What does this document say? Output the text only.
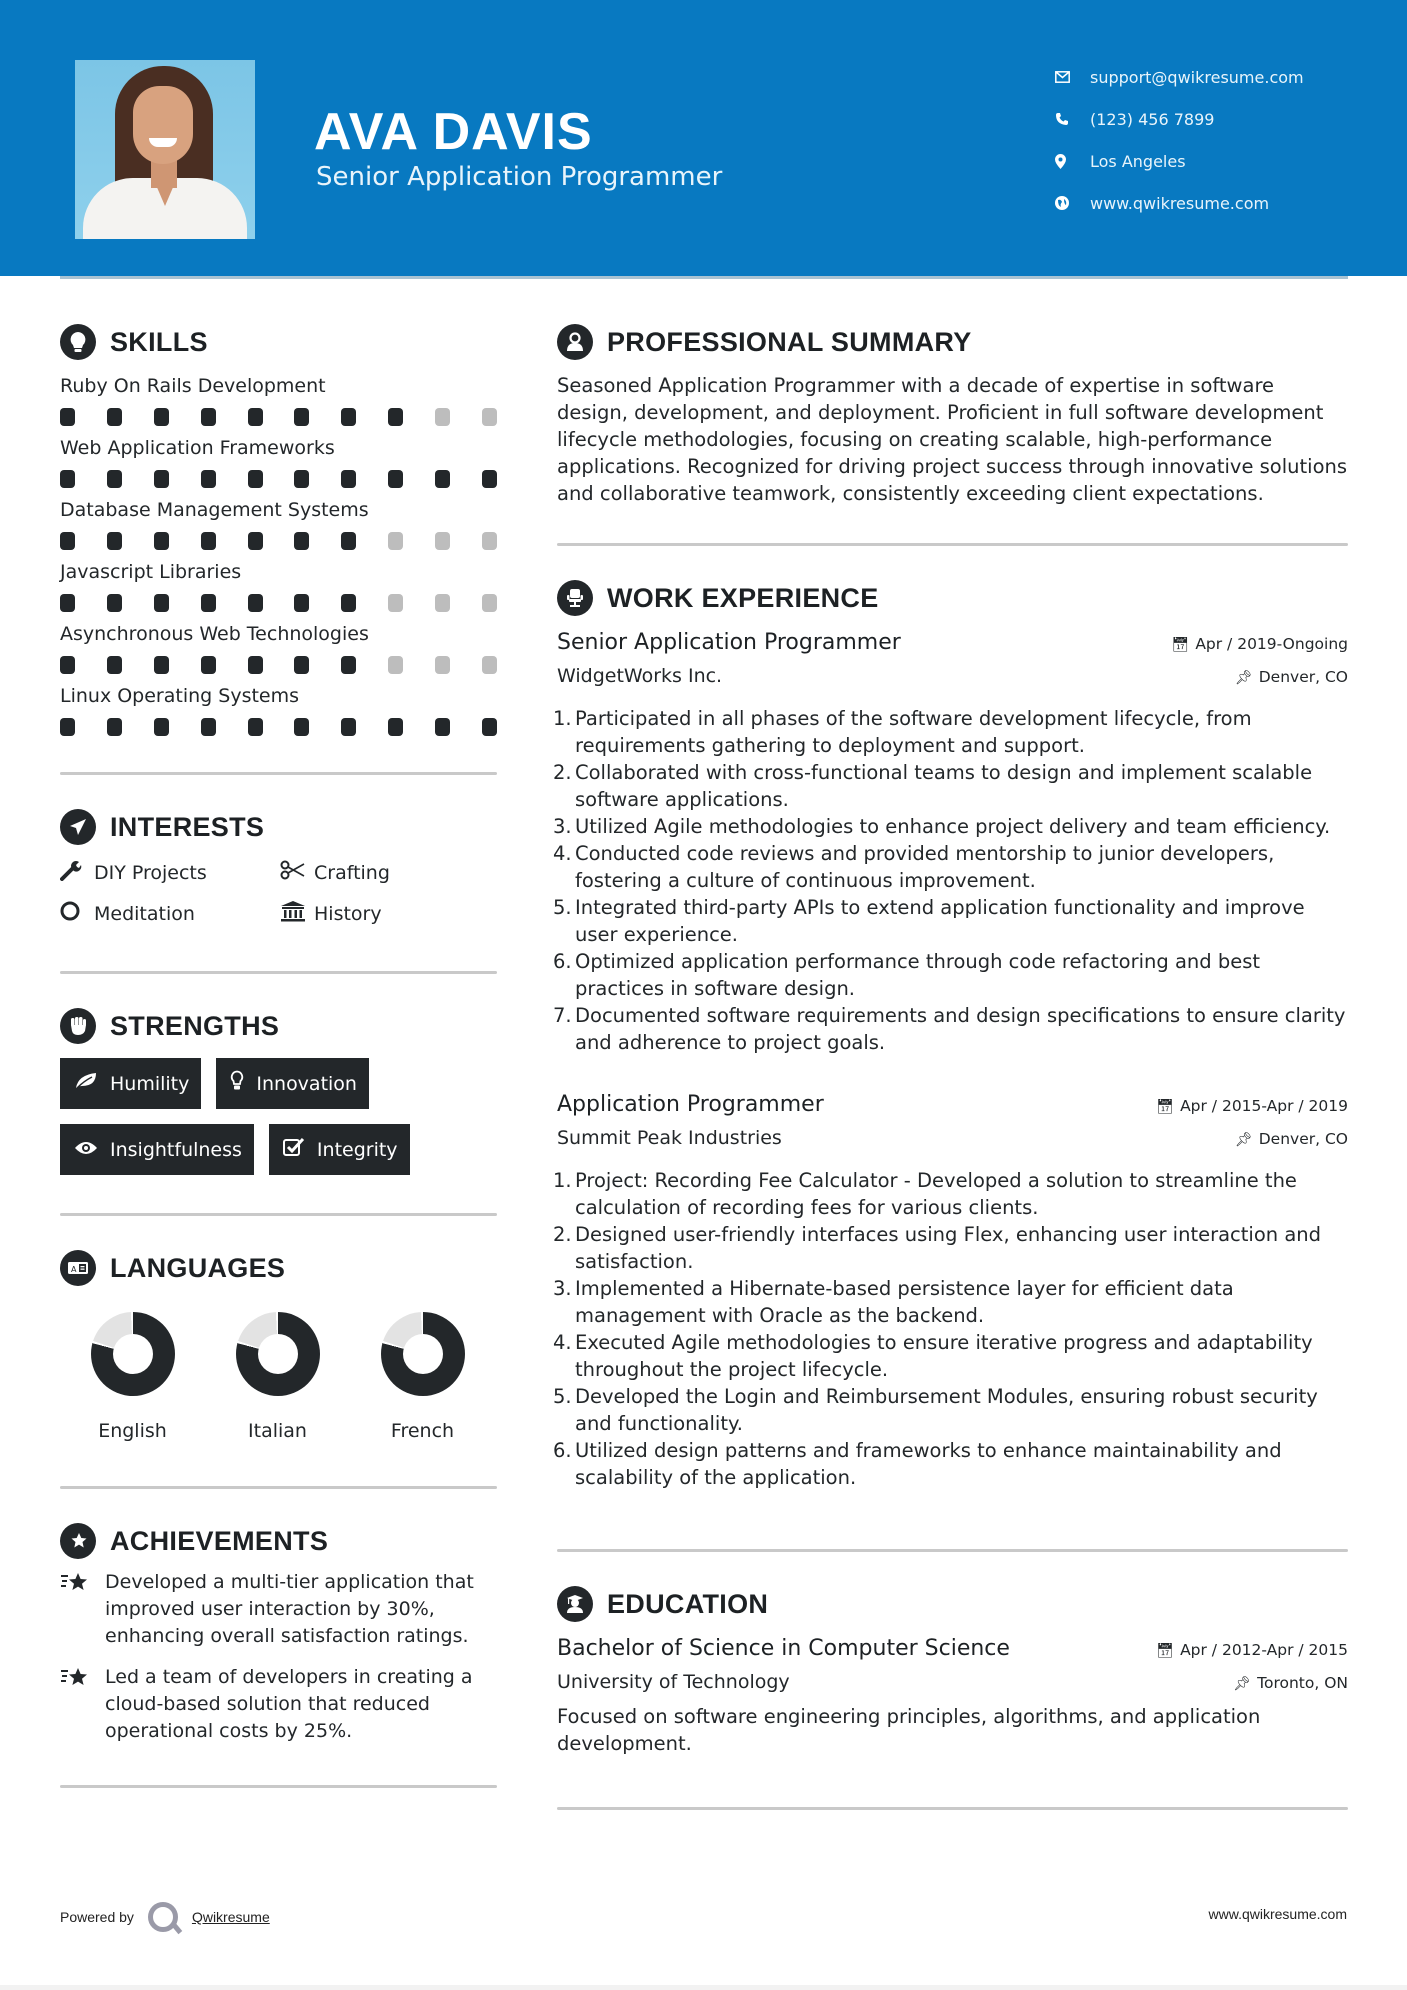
AVA DAVIS
Senior Application Programmer
support@qwikresume.com
(123) 456 7899
Los Angeles
www.qwikresume.com
SKILLS
Ruby On Rails Development
Web Application Frameworks
Database Management Systems
Javascript Libraries
Asynchronous Web Technologies
Linux Operating Systems
INTERESTS
DIY Projects	Crafting
Meditation	History
STRENGTHS
Humility	Innovation
Insightfulness	Integrity
A LANGUAGES
English	Italian	French
ACHIEVEMENTS
Developed a multi-tier application that improved user interaction by 30%, enhancing overall satisfaction ratings.
Led a team of developers in creating a cloud-based solution that reduced operational costs by 25%.
PROFESSIONAL SUMMARY

Seasoned Application Programmer with a decade of expertise in software design, development, and deployment. Proficient in full software development lifecycle methodologies, focusing on creating scalable, high-performance applications. Recognized for driving project success through innovative solutions and collaborative teamwork, consistently exceeding client expectations.

WORK EXPERIENCE
Senior Application Programmer	📅︎ Apr / 2019-Ongoing
WidgetWorks Inc.	📌︎ Denver, CO
1. Participated in all phases of the software development lifecycle, from requirements gathering to deployment and support.
2. Collaborated with cross-functional teams to design and implement scalable software applications.
3. Utilized Agile methodologies to enhance project delivery and team efficiency.
4. Conducted code reviews and provided mentorship to junior developers, fostering a culture of continuous improvement.
5. Integrated third-party APIs to extend application functionality and improve user experience.
6. Optimized application performance through code refactoring and best practices in software design.
7. Documented software requirements and design specifications to ensure clarity and adherence to project goals.
Application Programmer	📅︎ Apr / 2015-Apr / 2019
Summit Peak Industries	📌︎ Denver, CO
1. Project: Recording Fee Calculator - Developed a solution to streamline the calculation of recording fees for various clients.
2. Designed user-friendly interfaces using Flex, enhancing user interaction and satisfaction.
3. Implemented a Hibernate-based persistence layer for efficient data management with Oracle as the backend.
4. Executed Agile methodologies to ensure iterative progress and adaptability throughout the project lifecycle.
5. Developed the Login and Reimbursement Modules, ensuring robust security and functionality.
6. Utilized design patterns and frameworks to enhance maintainability and scalability of the application.
EDUCATION
Bachelor of Science in Computer Science	📅︎ Apr / 2012-Apr / 2015
University of Technology	📌︎ Toronto, ON

Focused on software engineering principles, algorithms, and application development.

Powered by	Qwikresume	www.qwikresume.com
